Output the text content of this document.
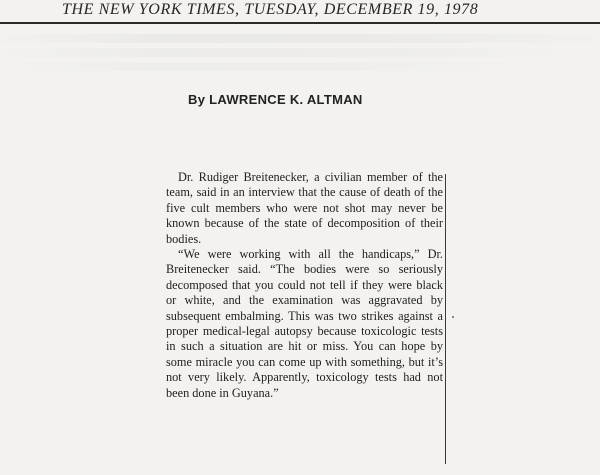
THE NEW YORK TIMES, TUESDAY, DECEMBER 19, 1978
By LAWRENCE K. ALTMAN

Dr. Rudiger Breitenecker, a civilian member of the team, said in an interview that the cause of death of the five cult members who were not shot may never be known because of the state of decomposition of their bodies.

“We were working with all the handicaps,” Dr. Breitenecker said. “The bodies were so seriously decomposed that you could not tell if they were black or white, and the examination was aggravated by subsequent embalming. This was two strikes against a proper medical-legal autopsy because toxicologic tests in such a situation are hit or miss. You can hope by some miracle you can come up with something, but it’s not very likely. Apparently, toxicology tests had not been done in Guyana.”
